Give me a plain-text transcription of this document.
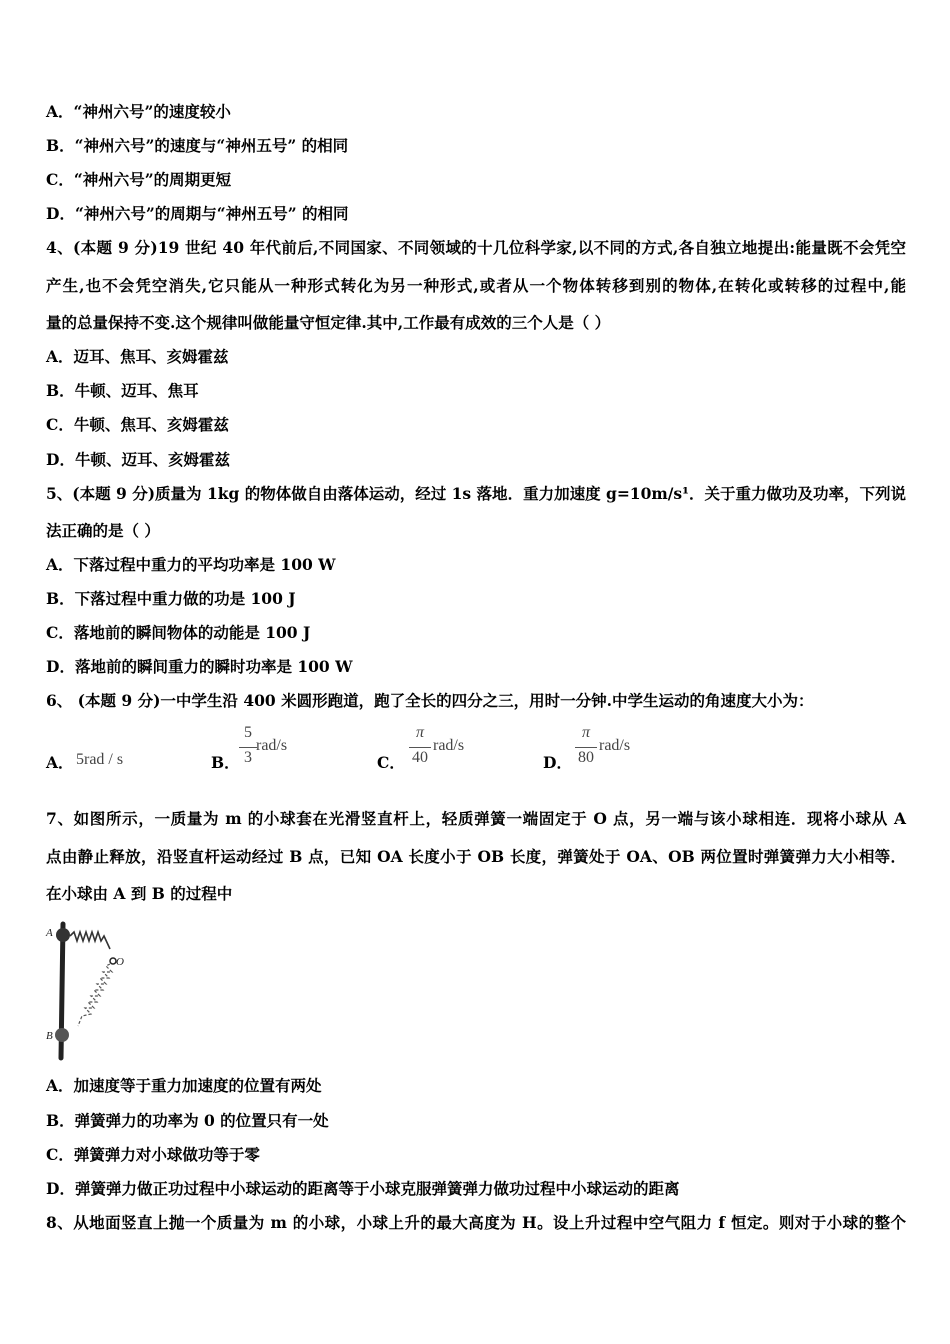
A．“神州六号”的速度较小
B．“神州六号”的速度与“神州五号” 的相同
C．“神州六号”的周期更短
D．“神州六号”的周期与“神州五号” 的相同
4、(本题 9 分)19 世纪 40 年代前后,不同国家、不同领域的十几位科学家,以不同的方式,各自独立地提出:能量既不会凭空
产生,也不会凭空消失,它只能从一种形式转化为另一种形式,或者从一个物体转移到别的物体,在转化或转移的过程中,能
量的总量保持不变.这个规律叫做能量守恒定律.其中,工作最有成效的三个人是（ ）
A．迈耳、焦耳、亥姆霍兹
B．牛顿、迈耳、焦耳
C．牛顿、焦耳、亥姆霍兹
D．牛顿、迈耳、亥姆霍兹
5、(本题 9 分)质量为 1kg 的物体做自由落体运动，经过 1s 落地．重力加速度 g=10m/s¹．关于重力做功及功率，下列说
法正确的是（ ）
A．下落过程中重力的平均功率是 100 W
B．下落过程中重力做的功是 100 J
C．落地前的瞬间物体的动能是 100 J
D．落地前的瞬间重力的瞬时功率是 100 W
6、 (本题 9 分)一中学生沿 400 米圆形跑道，跑了全长的四分之三，用时一分钟.中学生运动的角速度大小为：
A． 5rad / s	B．
5
3
rad/s
C．
π
40
rad/s
D．
π
80
rad/s
7、如图所示，一质量为 m 的小球套在光滑竖直杆上，轻质弹簧一端固定于 O 点，另一端与该小球相连．现将小球从 A
点由静止释放，沿竖直杆运动经过 B 点，已知 OA 长度小于 OB 长度，弹簧处于 OA、OB 两位置时弹簧弹力大小相等．
在小球由 A 到 B 的过程中
A
O
B
A．加速度等于重力加速度的位置有两处
B．弹簧弹力的功率为 0 的位置只有一处
C．弹簧弹力对小球做功等于零
D．弹簧弹力做正功过程中小球运动的距离等于小球克服弹簧弹力做功过程中小球运动的距离
8、从地面竖直上抛一个质量为 m 的小球，小球上升的最大高度为 H。设上升过程中空气阻力 f 恒定。则对于小球的整个
